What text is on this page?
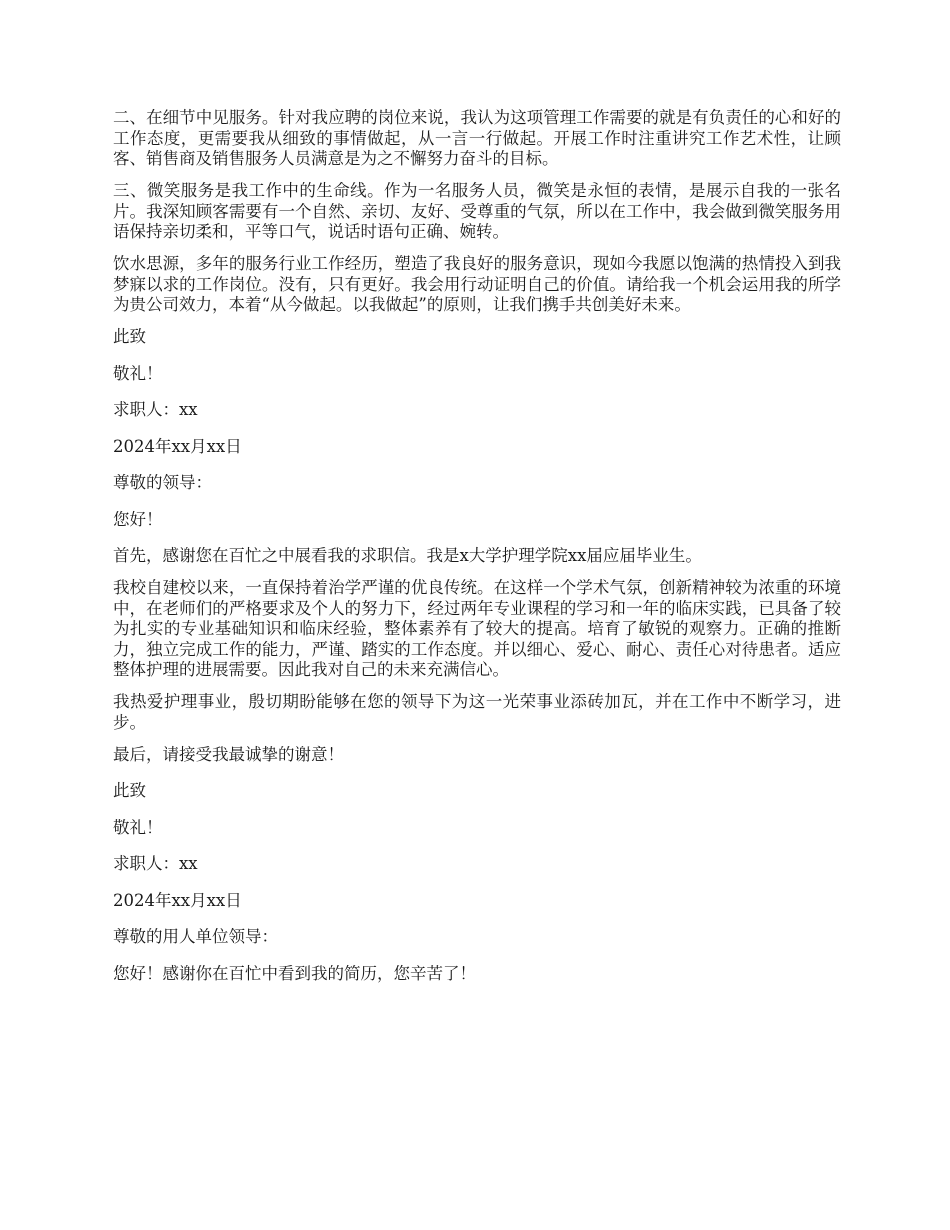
二、在细节中见服务。针对我应聘的岗位来说，我认为这项管理工作需要的就是有负责任的心和好的工作态度，更需要我从细致的事情做起，从一言一行做起。开展工作时注重讲究工作艺术性，让顾客、销售商及销售服务人员满意是为之不懈努力奋斗的目标。

三、微笑服务是我工作中的生命线。作为一名服务人员，微笑是永恒的表情，是展示自我的一张名片。我深知顾客需要有一个自然、亲切、友好、受尊重的气氛，所以在工作中，我会做到微笑服务用语保持亲切柔和，平等口气，说话时语句正确、婉转。

饮水思源，多年的服务行业工作经历，塑造了我良好的服务意识，现如今我愿以饱满的热情投入到我梦寐以求的工作岗位。没有，只有更好。我会用行动证明自己的价值。请给我一个机会运用我的所学为贵公司效力，本着“从今做起。以我做起”的原则，让我们携手共创美好未来。

此致

敬礼！

求职人：xx

2024年xx月xx日

尊敬的领导：

您好！

首先，感谢您在百忙之中展看我的求职信。我是x大学护理学院xx届应届毕业生。

我校自建校以来，一直保持着治学严谨的优良传统。在这样一个学术气氛，创新精神较为浓重的环境中，在老师们的严格要求及个人的努力下，经过两年专业课程的学习和一年的临床实践，已具备了较为扎实的专业基础知识和临床经验，整体素养有了较大的提高。培育了敏锐的观察力。正确的推断力，独立完成工作的能力，严谨、踏实的工作态度。并以细心、爱心、耐心、责任心对待患者。适应整体护理的进展需要。因此我对自己的未来充满信心。

我热爱护理事业，殷切期盼能够在您的领导下为这一光荣事业添砖加瓦，并在工作中不断学习，进步。

最后，请接受我最诚挚的谢意！

此致

敬礼！

求职人：xx

2024年xx月xx日

尊敬的用人单位领导：

您好！感谢你在百忙中看到我的简历，您辛苦了！
